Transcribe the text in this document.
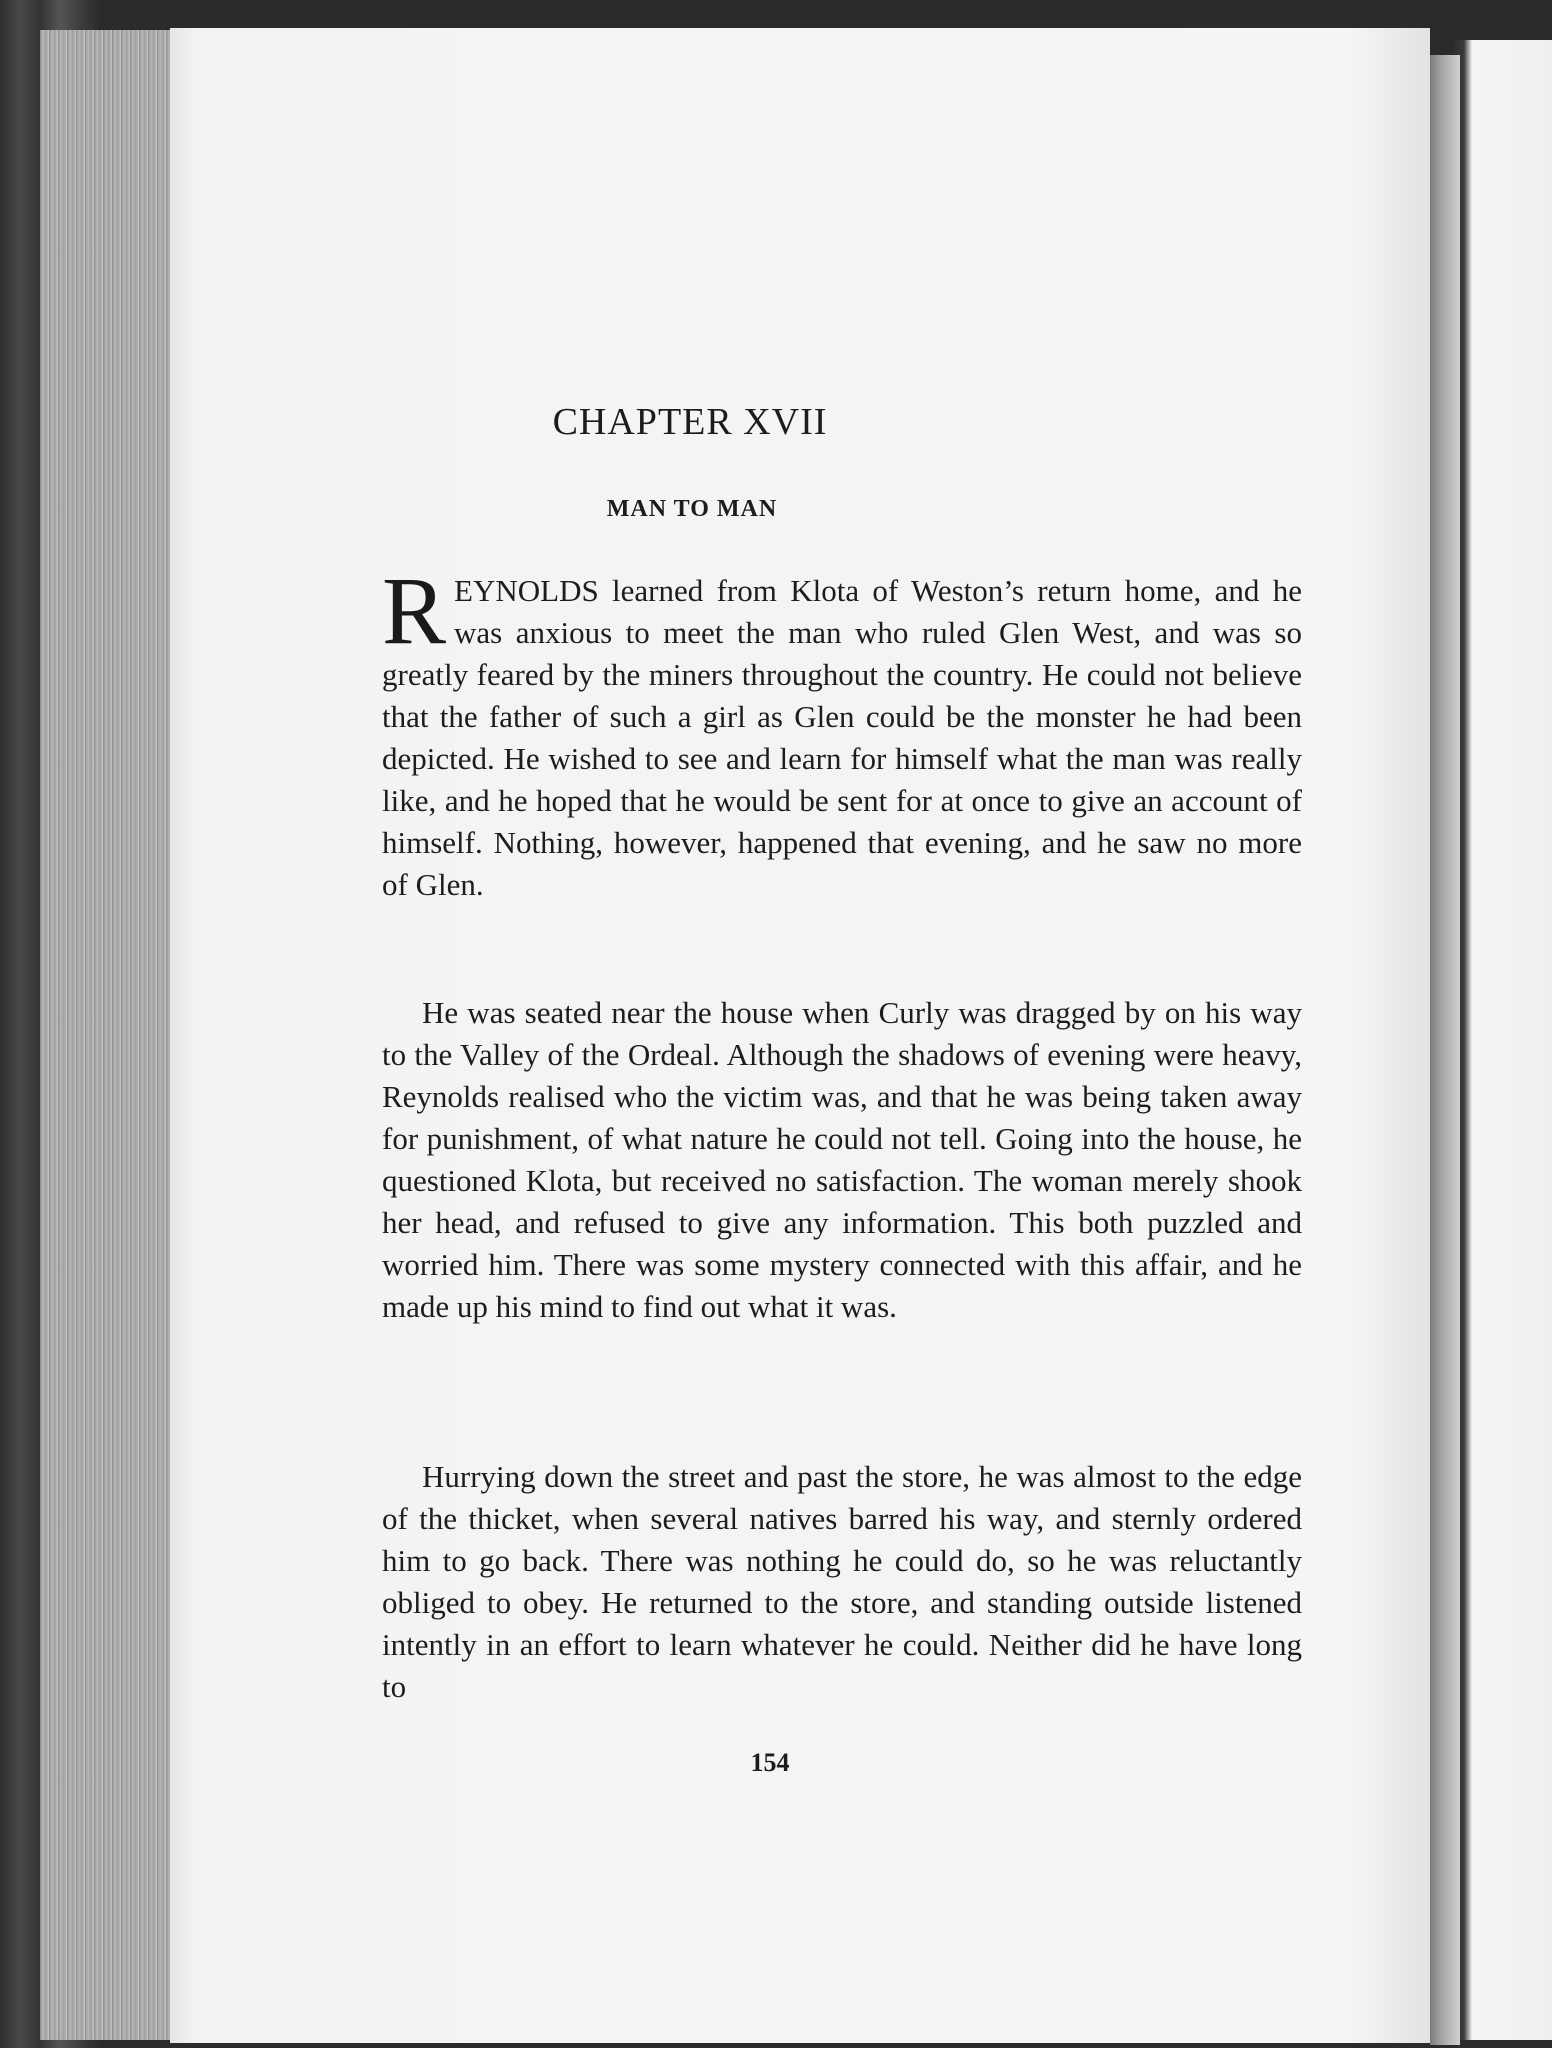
CHAPTER XVII
MAN TO MAN
REYNOLDS learned from Klota of Weston’s return home, and he was anxious to meet the man who ruled Glen West, and was so greatly feared by the miners throughout the country. He could not believe that the father of such a girl as Glen could be the monster he had been depicted. He wished to see and learn for himself what the man was really like, and he hoped that he would be sent for at once to give an account of himself. Nothing, however, happened that evening, and he saw no more of Glen.
He was seated near the house when Curly was dragged by on his way to the Valley of the Ordeal. Although the shadows of evening were heavy, Reynolds realised who the victim was, and that he was being taken away for punishment, of what nature he could not tell. Going into the house, he questioned Klota, but received no satisfaction. The woman merely shook her head, and refused to give any information. This both puzzled and worried him. There was some mystery connected with this affair, and he made up his mind to find out what it was.
Hurrying down the street and past the store, he was almost to the edge of the thicket, when several natives barred his way, and sternly ordered him to go back. There was nothing he could do, so he was reluctantly obliged to obey. He returned to the store, and standing outside listened intently in an effort to learn whatever he could. Neither did he have long to
154
